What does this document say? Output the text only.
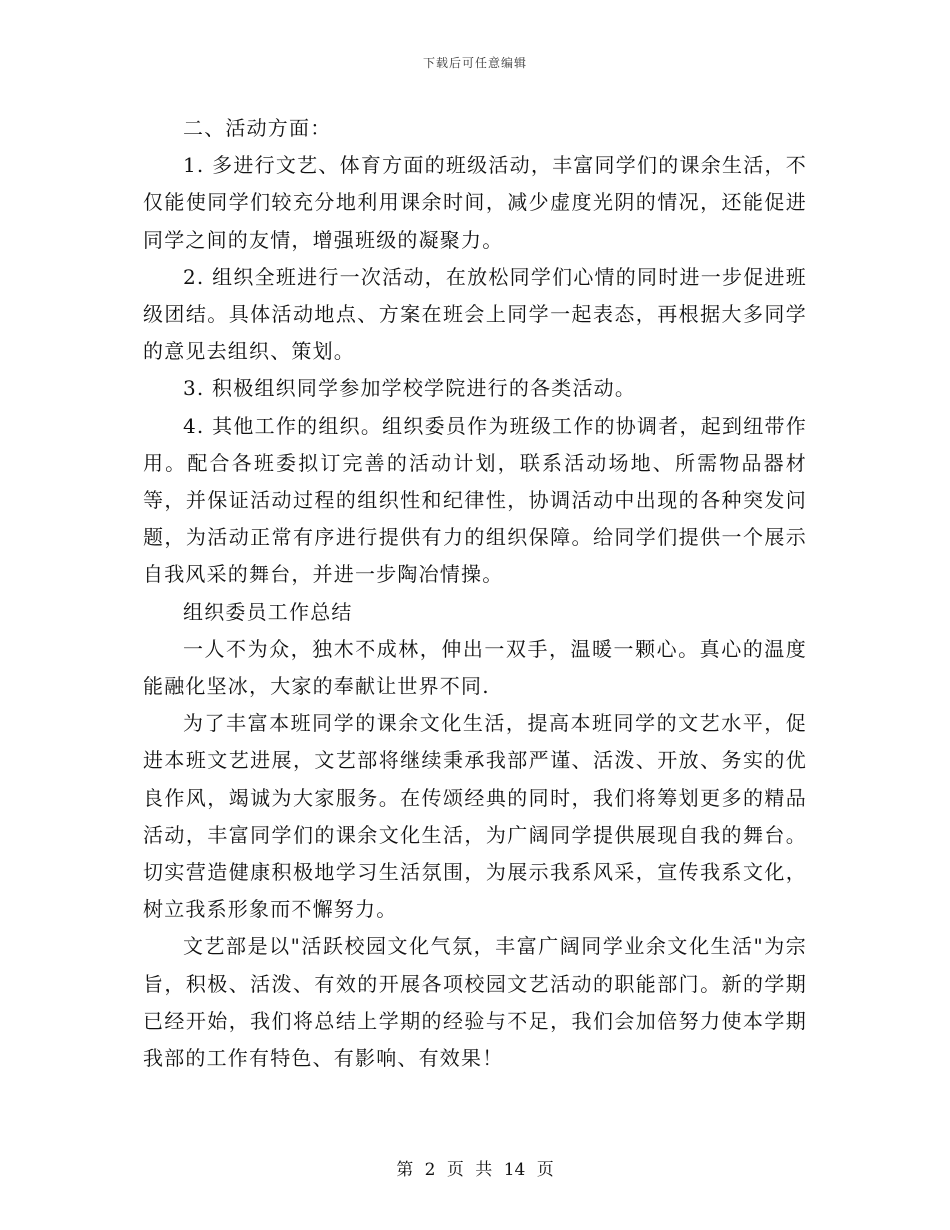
下载后可任意编辑

二、活动方面：

1. 多进行文艺、体育方面的班级活动，丰富同学们的课余生活，不仅能使同学们较充分地利用课余时间，减少虚度光阴的情况，还能促进同学之间的友情，增强班级的凝聚力。

2. 组织全班进行一次活动，在放松同学们心情的同时进一步促进班级团结。具体活动地点、方案在班会上同学一起表态，再根据大多同学的意见去组织、策划。

3. 积极组织同学参加学校学院进行的各类活动。

4. 其他工作的组织。组织委员作为班级工作的协调者，起到纽带作用。配合各班委拟订完善的活动计划，联系活动场地、所需物品器材等，并保证活动过程的组织性和纪律性，协调活动中出现的各种突发问题，为活动正常有序进行提供有力的组织保障。给同学们提供一个展示自我风采的舞台，并进一步陶冶情操。

组织委员工作总结

一人不为众，独木不成林，伸出一双手，温暖一颗心。真心的温度能融化坚冰，大家的奉献让世界不同.

为了丰富本班同学的课余文化生活，提高本班同学的文艺水平，促进本班文艺进展，文艺部将继续秉承我部严谨、活泼、开放、务实的优良作风，竭诚为大家服务。在传颂经典的同时，我们将筹划更多的精品活动，丰富同学们的课余文化生活，为广阔同学提供展现自我的舞台。切实营造健康积极地学习生活氛围，为展示我系风采，宣传我系文化，树立我系形象而不懈努力。

文艺部是以"活跃校园文化气氛，丰富广阔同学业余文化生活"为宗旨，积极、活泼、有效的开展各项校园文艺活动的职能部门。新的学期已经开始，我们将总结上学期的经验与不足，我们会加倍努力使本学期我部的工作有特色、有影响、有效果！

第 2 页 共 14 页
